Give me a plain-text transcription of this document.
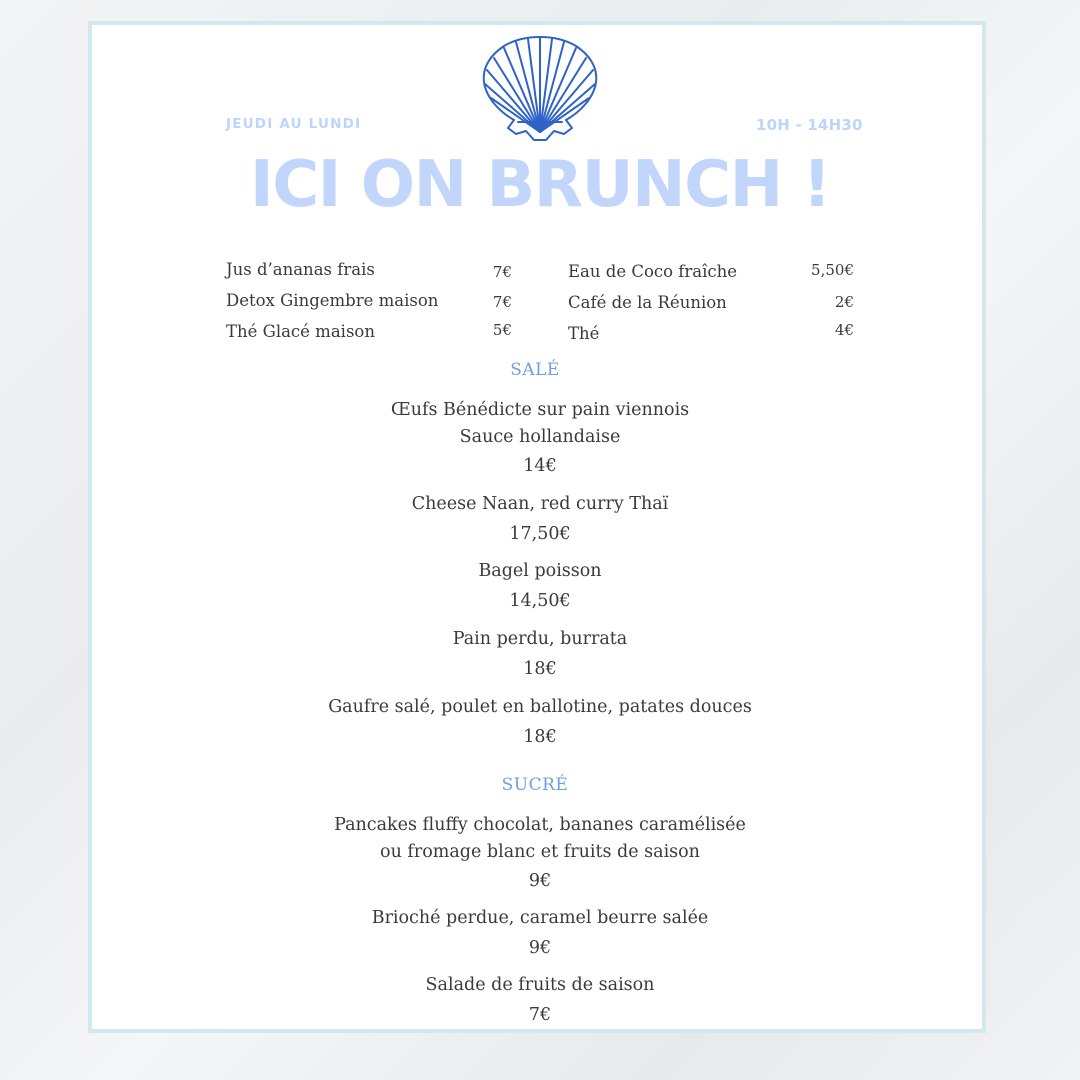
JEUDI AU LUNDI	10H - 14H30
ICI ON BRUNCH !
Jus d’ananas frais	7€
Detox Gingembre maison	7€
Thé Glacé maison	5€
Eau de Coco fraîche	5,50€
Café de la Réunion	2€
Thé	4€
SALÉ
Œufs Bénédicte sur pain viennois
Sauce hollandaise
14€
Cheese Naan, red curry Thaï
17,50€
Bagel poisson
14,50€
Pain perdu, burrata
18€
Gaufre salé, poulet en ballotine, patates douces
18€
SUCRÉ
Pancakes fluffy chocolat, bananes caramélisée
ou fromage blanc et fruits de saison
9€
Brioché perdue, caramel beurre salée
9€
Salade de fruits de saison
7€
